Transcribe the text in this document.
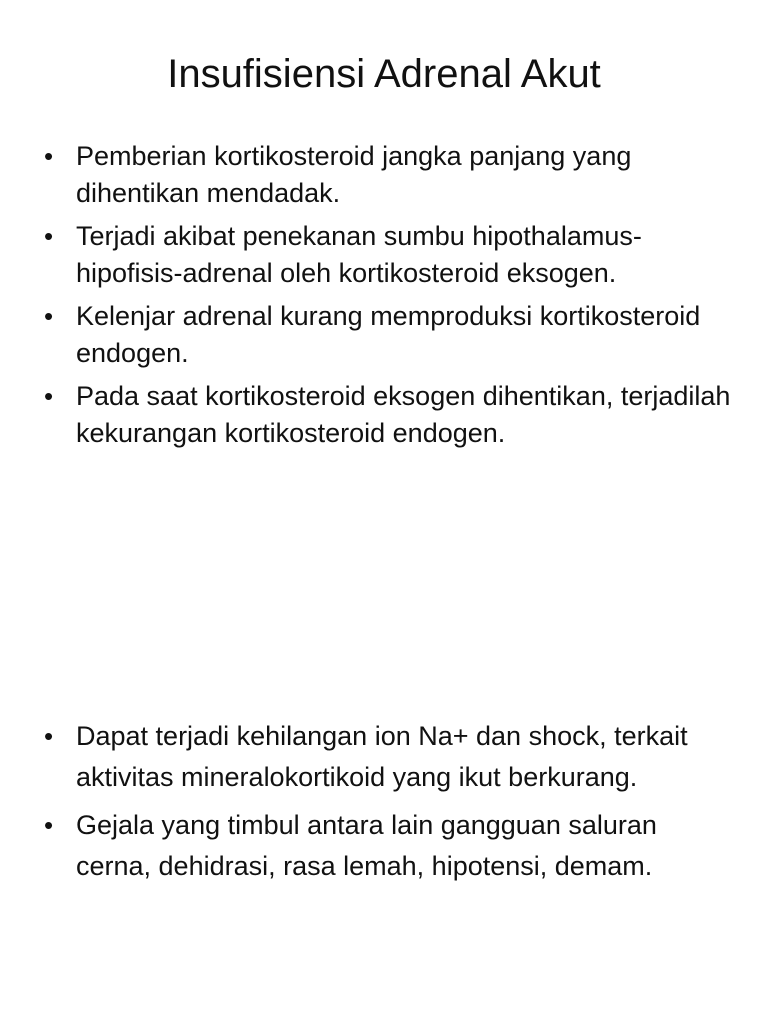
Insufisiensi Adrenal Akut
• Pemberian kortikosteroid jangka panjang yang dihentikan mendadak.
• Terjadi akibat penekanan sumbu hipothalamus-hipofisis-adrenal oleh kortikosteroid eksogen.
• Kelenjar adrenal kurang memproduksi kortikosteroid endogen.
• Pada saat kortikosteroid eksogen dihentikan, terjadilah kekurangan kortikosteroid endogen.
• Dapat terjadi kehilangan ion Na+ dan shock, terkait aktivitas mineralokortikoid yang ikut berkurang.
• Gejala yang timbul antara lain gangguan saluran cerna, dehidrasi, rasa lemah, hipotensi, demam.
